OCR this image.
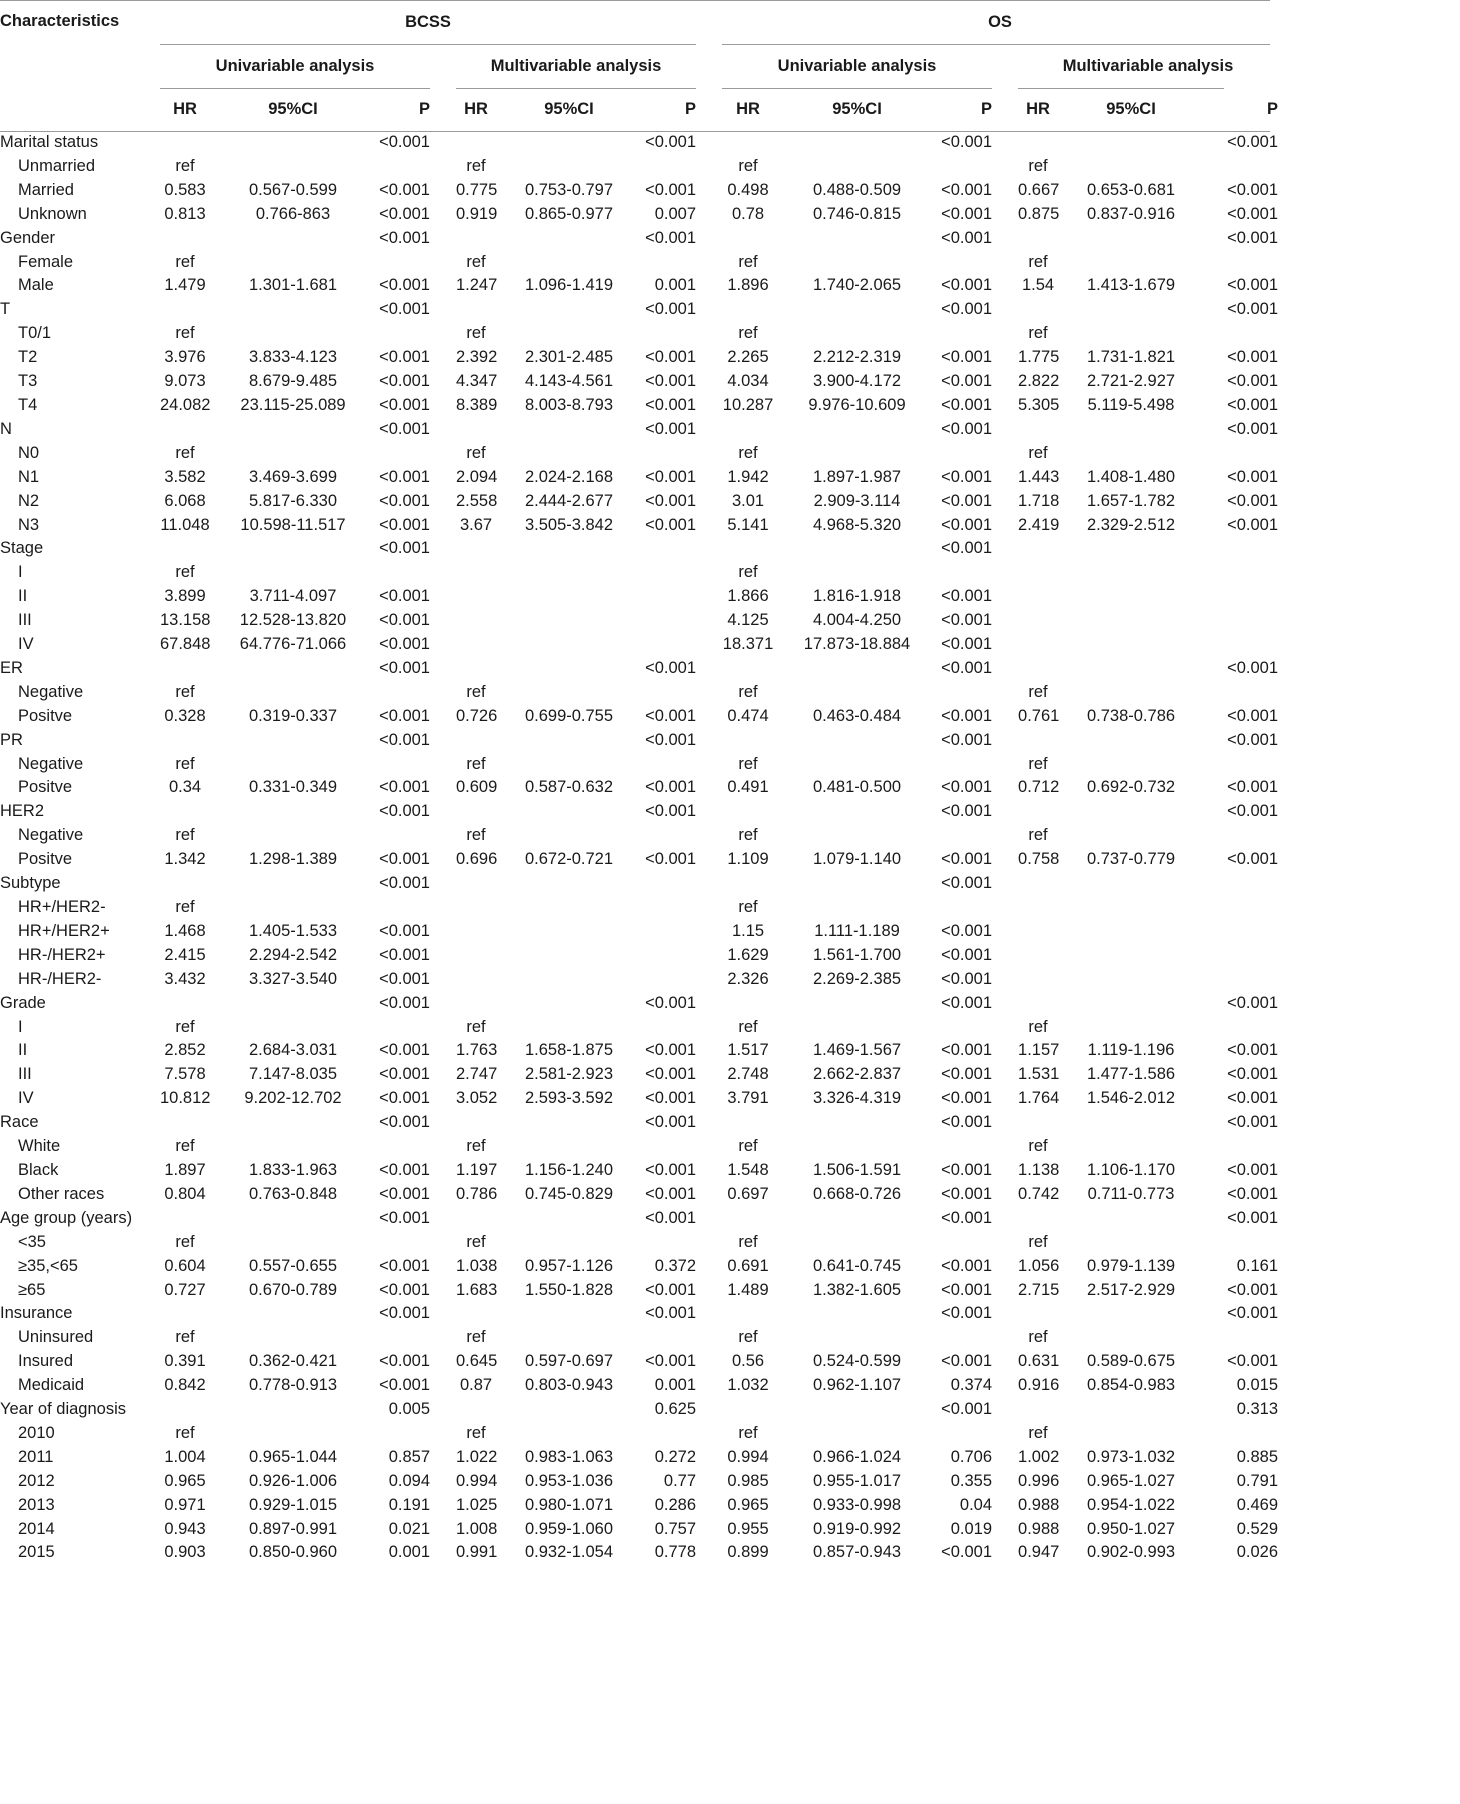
Characteristics	BCSS								OS						
	Univariable analysis				Multivariable analysis				Univariable analysis				Multivariable analysis		
	HR	95%CI	P		HR	95%CI	P		HR	95%CI	P		HR	95%CI	P
Marital status			<0.001				<0.001				<0.001				<0.001
Unmarried	ref				ref				ref				ref		
Married	0.583	0.567-0.599	<0.001		0.775	0.753-0.797	<0.001		0.498	0.488-0.509	<0.001		0.667	0.653-0.681	<0.001
Unknown	0.813	0.766-863	<0.001		0.919	0.865-0.977	0.007		0.78	0.746-0.815	<0.001		0.875	0.837-0.916	<0.001
Gender			<0.001				<0.001				<0.001				<0.001
Female	ref				ref				ref				ref		
Male	1.479	1.301-1.681	<0.001		1.247	1.096-1.419	0.001		1.896	1.740-2.065	<0.001		1.54	1.413-1.679	<0.001
T			<0.001				<0.001				<0.001				<0.001
T0/1	ref				ref				ref				ref		
T2	3.976	3.833-4.123	<0.001		2.392	2.301-2.485	<0.001		2.265	2.212-2.319	<0.001		1.775	1.731-1.821	<0.001
T3	9.073	8.679-9.485	<0.001		4.347	4.143-4.561	<0.001		4.034	3.900-4.172	<0.001		2.822	2.721-2.927	<0.001
T4	24.082	23.115-25.089	<0.001		8.389	8.003-8.793	<0.001		10.287	9.976-10.609	<0.001		5.305	5.119-5.498	<0.001
N			<0.001				<0.001				<0.001				<0.001
N0	ref				ref				ref				ref		
N1	3.582	3.469-3.699	<0.001		2.094	2.024-2.168	<0.001		1.942	1.897-1.987	<0.001		1.443	1.408-1.480	<0.001
N2	6.068	5.817-6.330	<0.001		2.558	2.444-2.677	<0.001		3.01	2.909-3.114	<0.001		1.718	1.657-1.782	<0.001
N3	11.048	10.598-11.517	<0.001		3.67	3.505-3.842	<0.001		5.141	4.968-5.320	<0.001		2.419	2.329-2.512	<0.001
Stage			<0.001								<0.001				
I	ref								ref						
II	3.899	3.711-4.097	<0.001						1.866	1.816-1.918	<0.001				
III	13.158	12.528-13.820	<0.001						4.125	4.004-4.250	<0.001				
IV	67.848	64.776-71.066	<0.001						18.371	17.873-18.884	<0.001				
ER			<0.001				<0.001				<0.001				<0.001
Negative	ref				ref				ref				ref		
Positve	0.328	0.319-0.337	<0.001		0.726	0.699-0.755	<0.001		0.474	0.463-0.484	<0.001		0.761	0.738-0.786	<0.001
PR			<0.001				<0.001				<0.001				<0.001
Negative	ref				ref				ref				ref		
Positve	0.34	0.331-0.349	<0.001		0.609	0.587-0.632	<0.001		0.491	0.481-0.500	<0.001		0.712	0.692-0.732	<0.001
HER2			<0.001				<0.001				<0.001				<0.001
Negative	ref				ref				ref				ref		
Positve	1.342	1.298-1.389	<0.001		0.696	0.672-0.721	<0.001		1.109	1.079-1.140	<0.001		0.758	0.737-0.779	<0.001
Subtype			<0.001								<0.001				
HR+/HER2-	ref								ref						
HR+/HER2+	1.468	1.405-1.533	<0.001						1.15	1.111-1.189	<0.001				
HR-/HER2+	2.415	2.294-2.542	<0.001						1.629	1.561-1.700	<0.001				
HR-/HER2-	3.432	3.327-3.540	<0.001						2.326	2.269-2.385	<0.001				
Grade			<0.001				<0.001				<0.001				<0.001
I	ref				ref				ref				ref		
II	2.852	2.684-3.031	<0.001		1.763	1.658-1.875	<0.001		1.517	1.469-1.567	<0.001		1.157	1.119-1.196	<0.001
III	7.578	7.147-8.035	<0.001		2.747	2.581-2.923	<0.001		2.748	2.662-2.837	<0.001		1.531	1.477-1.586	<0.001
IV	10.812	9.202-12.702	<0.001		3.052	2.593-3.592	<0.001		3.791	3.326-4.319	<0.001		1.764	1.546-2.012	<0.001
Race			<0.001				<0.001				<0.001				<0.001
White	ref				ref				ref				ref		
Black	1.897	1.833-1.963	<0.001		1.197	1.156-1.240	<0.001		1.548	1.506-1.591	<0.001		1.138	1.106-1.170	<0.001
Other races	0.804	0.763-0.848	<0.001		0.786	0.745-0.829	<0.001		0.697	0.668-0.726	<0.001		0.742	0.711-0.773	<0.001
Age group (years)			<0.001				<0.001				<0.001				<0.001
<35	ref				ref				ref				ref		
≥35,<65	0.604	0.557-0.655	<0.001		1.038	0.957-1.126	0.372		0.691	0.641-0.745	<0.001		1.056	0.979-1.139	0.161
≥65	0.727	0.670-0.789	<0.001		1.683	1.550-1.828	<0.001		1.489	1.382-1.605	<0.001		2.715	2.517-2.929	<0.001
Insurance			<0.001				<0.001				<0.001				<0.001
Uninsured	ref				ref				ref				ref		
Insured	0.391	0.362-0.421	<0.001		0.645	0.597-0.697	<0.001		0.56	0.524-0.599	<0.001		0.631	0.589-0.675	<0.001
Medicaid	0.842	0.778-0.913	<0.001		0.87	0.803-0.943	0.001		1.032	0.962-1.107	0.374		0.916	0.854-0.983	0.015
Year of diagnosis			0.005				0.625				<0.001				0.313
2010	ref				ref				ref				ref		
2011	1.004	0.965-1.044	0.857		1.022	0.983-1.063	0.272		0.994	0.966-1.024	0.706		1.002	0.973-1.032	0.885
2012	0.965	0.926-1.006	0.094		0.994	0.953-1.036	0.77		0.985	0.955-1.017	0.355		0.996	0.965-1.027	0.791
2013	0.971	0.929-1.015	0.191		1.025	0.980-1.071	0.286		0.965	0.933-0.998	0.04		0.988	0.954-1.022	0.469
2014	0.943	0.897-0.991	0.021		1.008	0.959-1.060	0.757		0.955	0.919-0.992	0.019		0.988	0.950-1.027	0.529
2015	0.903	0.850-0.960	0.001		0.991	0.932-1.054	0.778		0.899	0.857-0.943	<0.001		0.947	0.902-0.993	0.026
